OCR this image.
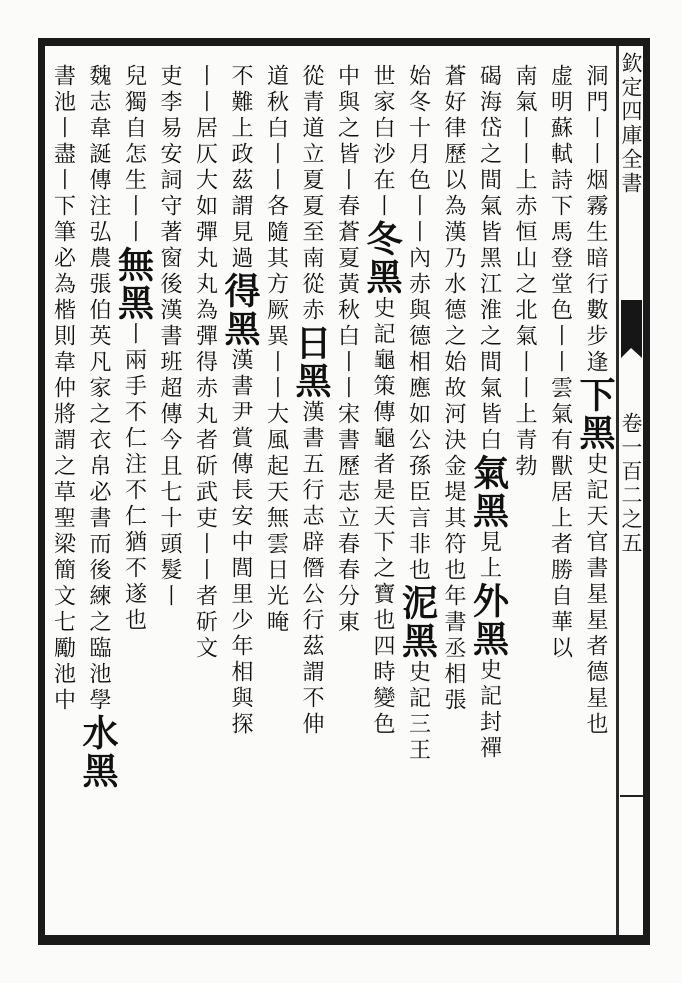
欽定四庫全書
卷一百二之五
洞門丨丨烟霧生暗行數步逢下黑史記天官書星星者德星也
虚明蘇軾詩下馬登堂色丨丨雲氣有獸居上者勝自華以
南氣丨丨上赤恒山之北氣丨丨上青勃
碣海岱之間氣皆黑江淮之間氣皆白氣黑見上外黑史記封禪
蒼好律歷以為漢乃水德之始故河決金堤其符也年書丞相張
始冬十月色丨丨內赤與德相應如公孫臣言非也泥黑史記三王
世家白沙在丨冬黑史記龜策傳龜者是天下之寶也四時變色
中與之皆丨春蒼夏黃秋白丨丨宋書歷志立春春分東
從青道立夏夏至南從赤日黑漢書五行志辟僭公行茲謂不伸
道秋白丨丨各隨其方厥異丨丨大風起天無雲日光晻
不難上政茲謂見過得黑漢書尹賞傳長安中閭里少年相與探
丨丨居仄大如彈丸丸為彈得赤丸者斫武吏丨丨者斫文
吏李易安詞守著窗後漢書班超傳今且七十頭髮丨
兒獨自怎生丨丨無黑丨兩手不仁注不仁猶不遂也
魏志韋誕傳注弘農張伯英凡家之衣帛必書而後練之臨池學水黑
書池丨盡丨下筆必為楷則韋仲將謂之草聖梁簡文七勵池中
